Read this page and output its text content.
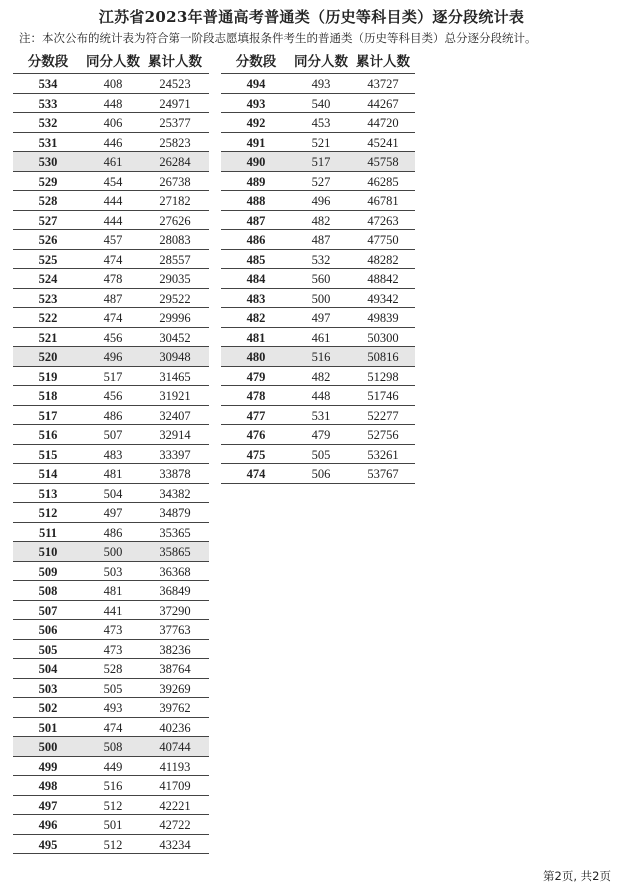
江苏省2023年普通高考普通类（历史等科目类）逐分段统计表
注：本次公布的统计表为符合第一阶段志愿填报条件考生的普通类（历史等科目类）总分逐分段统计。
分数段	同分人数 累计人数
534	408	24523
533	448	24971
532	406	25377
531	446	25823
530	461	26284
529	454	26738
528	444	27182
527	444	27626
526	457	28083
525	474	28557
524	478	29035
523	487	29522
522	474	29996
521	456	30452
520	496	30948
519	517	31465
518	456	31921
517	486	32407
516	507	32914
515	483	33397
514	481	33878
513	504	34382
512	497	34879
511	486	35365
510	500	35865
509	503	36368
508	481	36849
507	441	37290
506	473	37763
505	473	38236
504	528	38764
503	505	39269
502	493	39762
501	474	40236
500	508	40744
499	449	41193
498	516	41709
497	512	42221
496	501	42722
495	512	43234
分数段	同分人数 累计人数
494	493	43727
493	540	44267
492	453	44720
491	521	45241
490	517	45758
489	527	46285
488	496	46781
487	482	47263
486	487	47750
485	532	48282
484	560	48842
483	500	49342
482	497	49839
481	461	50300
480	516	50816
479	482	51298
478	448	51746
477	531	52277
476	479	52756
475	505	53261
474	506	53767
第2页, 共2页
